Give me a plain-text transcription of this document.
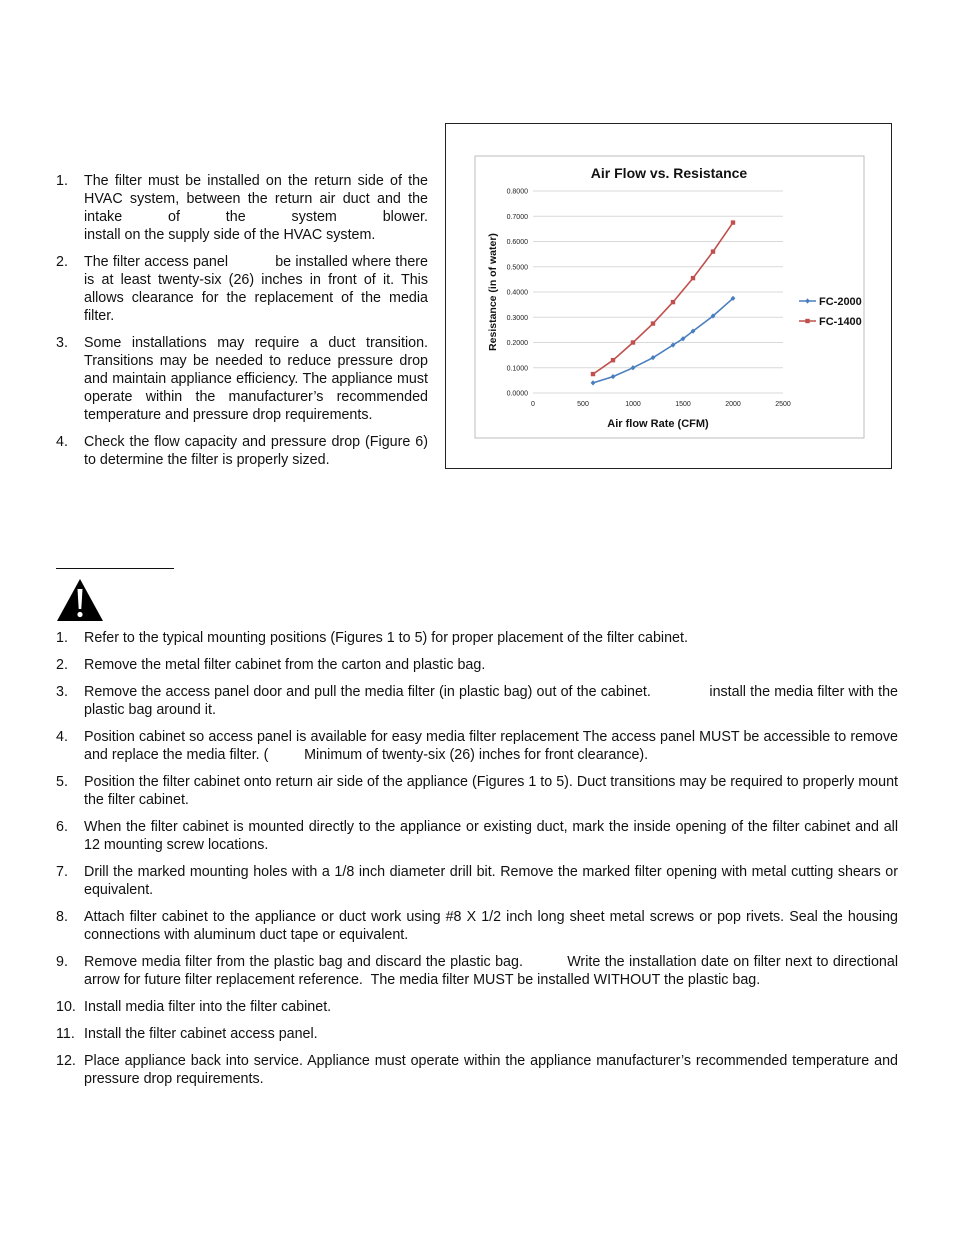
1. The filter must be installed on the return side of the HVAC system, between the return air duct and the intake of the system blower.
install on the supply side of the HVAC system.
2. The filter access panel           be installed where there is at least twenty-six (26) inches in front of it. This allows clearance for the replacement of the media filter.
3. Some installations may require a duct transition. Transitions may be needed to reduce pressure drop and maintain appliance efficiency. The appliance must operate within the manufacturer’s recommended temperature and pressure drop requirements.
4. Check the flow capacity and pressure drop (Figure 6) to determine the filter is properly sized.
Air Flow vs. Resistance
0.0000
0.1000
0.2000
0.3000
0.4000
0.5000
0.6000
0.7000
0.8000
0	500	1000	1500	2000	2500
Air flow Rate (CFM)
Resistance (in of water)	FC-2000
FC-1400
1. Refer to the typical mounting positions (Figures 1 to 5) for proper placement of the filter cabinet.
2. Remove the metal filter cabinet from the carton and plastic bag.
3. Remove the access panel door and pull the media filter (in plastic bag) out of the cabinet.              install the media filter with the plastic bag around it.
4. Position cabinet so access panel is available for easy media filter replacement The access panel MUST be accessible to remove and replace the media filter. (         Minimum of twenty-six (26) inches for front clearance).
5. Position the filter cabinet onto return air side of the appliance (Figures 1 to 5). Duct transitions may be required to properly mount the filter cabinet.
6. When the filter cabinet is mounted directly to the appliance or existing duct, mark the inside opening of the filter cabinet and all 12 mounting screw locations.
7. Drill the marked mounting holes with a 1/8 inch diameter drill bit. Remove the marked filter opening with metal cutting shears or equivalent.
8. Attach filter cabinet to the appliance or duct work using #8 X 1/2 inch long sheet metal screws or pop rivets. Seal the housing connections with aluminum duct tape or equivalent.
9. Remove media filter from the plastic bag and discard the plastic bag.          Write the installation date on filter next to directional arrow for future filter replacement reference.  The media filter MUST be installed WITHOUT the plastic bag.
10. Install media filter into the filter cabinet.
11. Install the filter cabinet access panel.
12. Place appliance back into service. Appliance must operate within the appliance manufacturer’s recommended temperature and pressure drop requirements.
